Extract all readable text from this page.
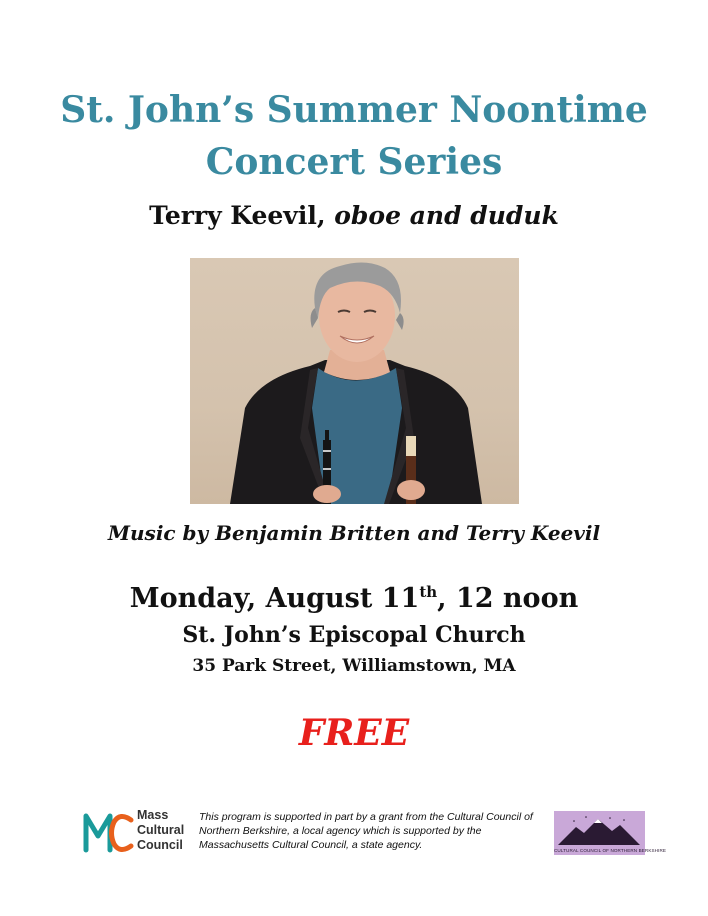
St. John’s Summer Noontime
Concert Series
Terry Keevil, oboe and duduk
Music by Benjamin Britten and Terry Keevil
Monday, August 11th, 12 noon
St. John’s Episcopal Church
35 Park Street, Williamstown, MA
FREE
Mass
Cultural
Council
This program is supported in part by a grant from the Cultural Council of Northern Berkshire, a local agency which is supported by the Massachusetts Cultural Council, a state agency.	CULTURAL COUNCIL OF NORTHERN BERKSHIRE
